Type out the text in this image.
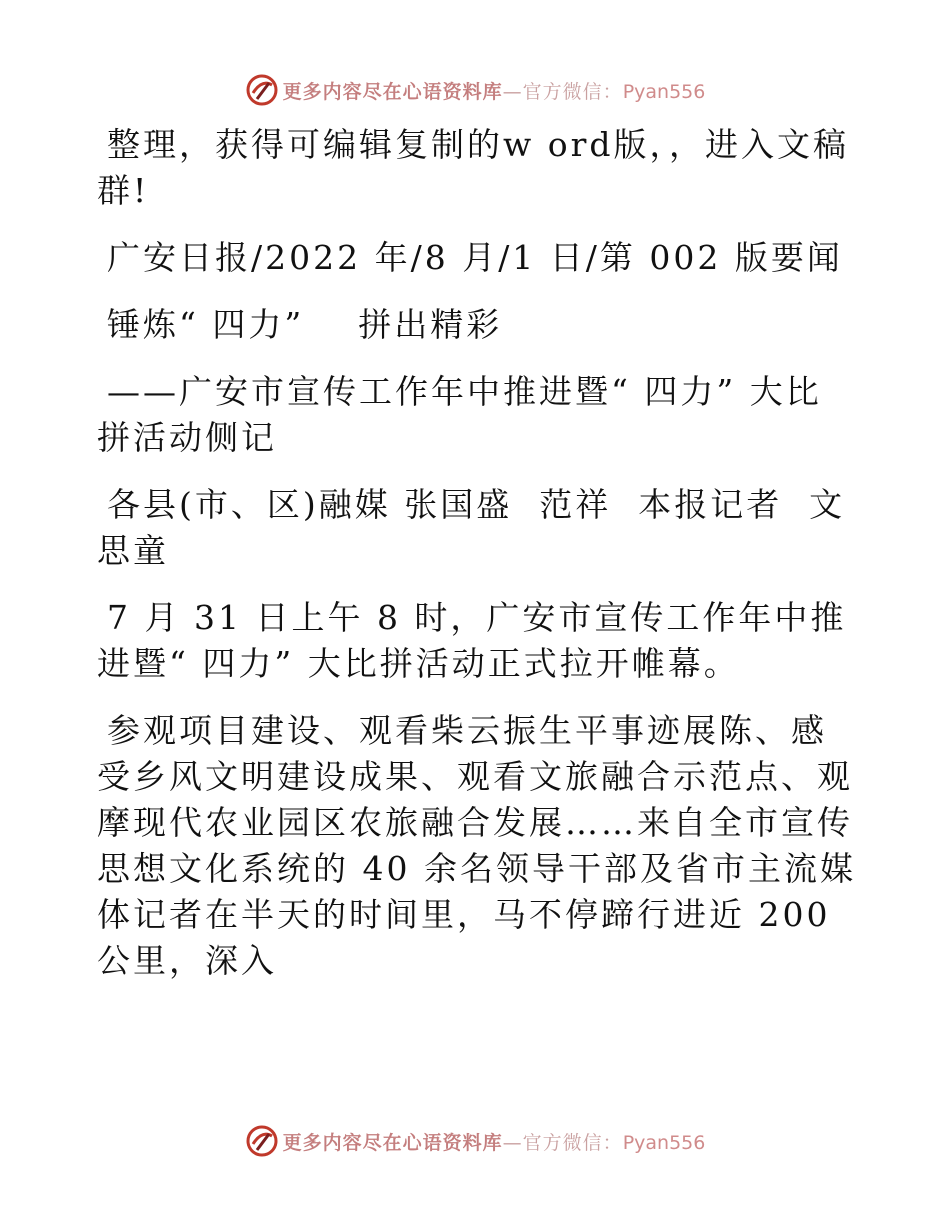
更多内容尽在心语资料库—官方微信：Pyan556

整理，获得可编辑复制的w ord版，，进入文稿群!

广安日报/2022 年/8 月/1 日/第 002 版要闻

锤炼“ 四力”    拼出精彩

——广安市宣传工作年中推进暨“ 四力” 大比拼活动侧记

各县(市、区)融媒 张国盛  范祥  本报记者  文思童

7 月 31 日上午 8 时，广安市宣传工作年中推进暨“ 四力” 大比拼活动正式拉开帷幕。

参观项目建设、观看柴云振生平事迹展陈、感受乡风文明建设成果、观看文旅融合示范点、观摩现代农业园区农旅融合发展……来自全市宣传思想文化系统的 40 余名领导干部及省市主流媒体记者在半天的时间里，马不停蹄行进近 200 公里，深入

更多内容尽在心语资料库—官方微信：Pyan556
